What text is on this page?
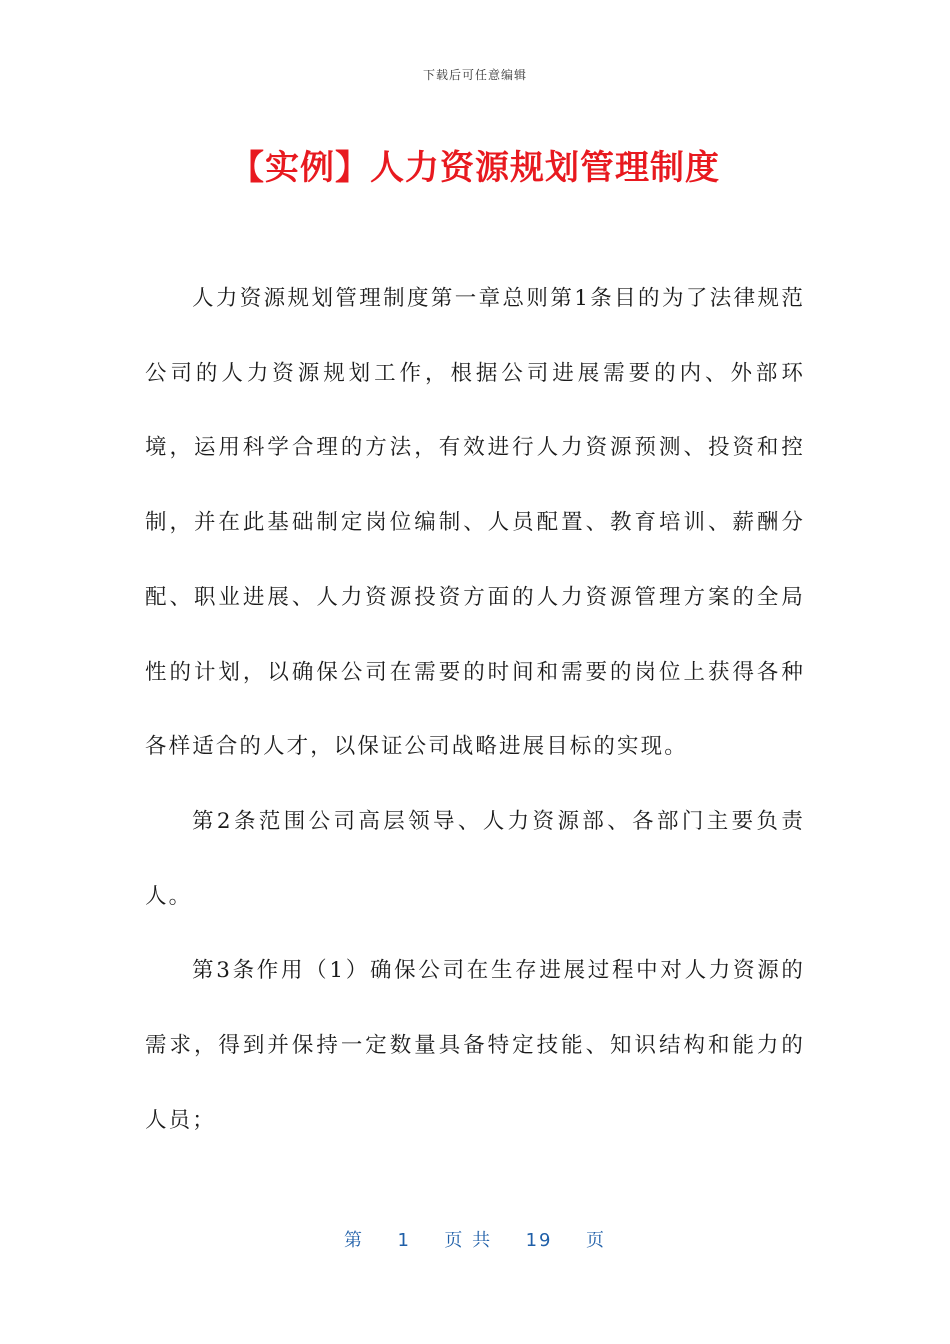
下载后可任意编辑
【实例】人力资源规划管理制度

人力资源规划管理制度第一章总则第1条目的为了法律规范公司的人力资源规划工作，根据公司进展需要的内、外部环境，运用科学合理的方法，有效进行人力资源预测、投资和控制，并在此基础制定岗位编制、人员配置、教育培训、薪酬分配、职业进展、人力资源投资方面的人力资源管理方案的全局性的计划，以确保公司在需要的时间和需要的岗位上获得各种各样适合的人才，以保证公司战略进展目标的实现。

第2条范围公司高层领导、人力资源部、各部门主要负责人。

第3条作用（1）确保公司在生存进展过程中对人力资源的需求，得到并保持一定数量具备特定技能、知识结构和能力的人员；

第 1 页 共 19 页
